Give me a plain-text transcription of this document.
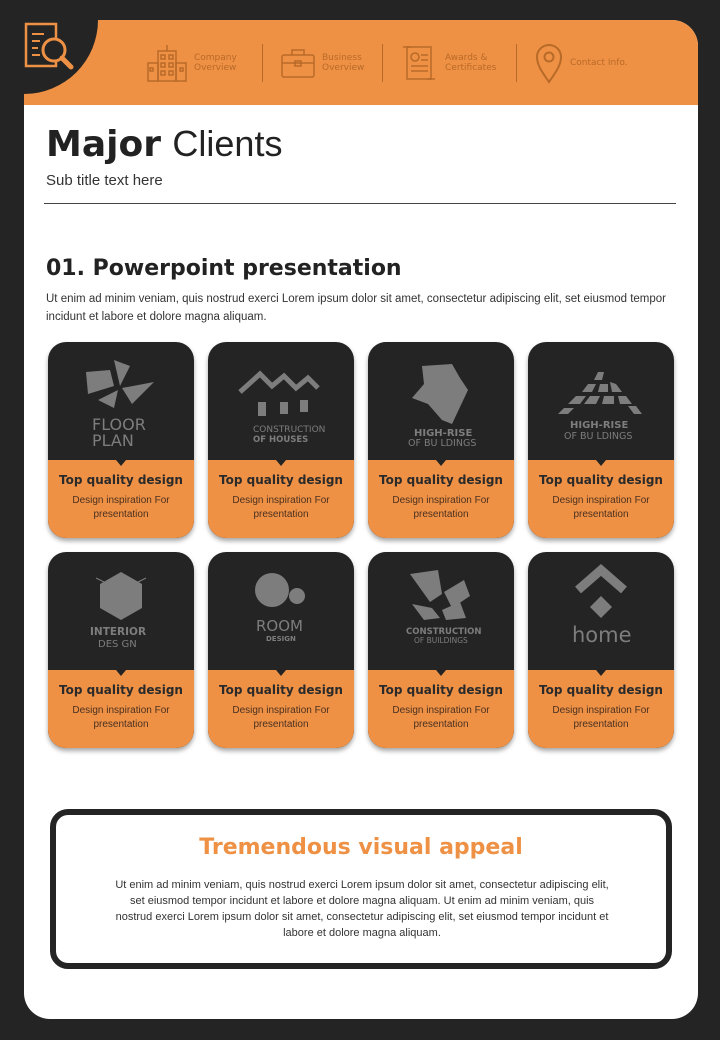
Company
Overview
Business
Overview
Awards &
Certificates	Contact Info.
Major Clients
Sub title text here
01. Powerpoint presentation
Ut enim ad minim veniam, quis nostrud exerci Lorem ipsum dolor sit amet, consectetur adipiscing elit, set eiusmod tempor incidunt et labore et dolore magna aliquam.
FLOOR
PLAN
Top quality design
Design inspiration For presentation
CONSTRUCTION
OF HOUSES
Top quality design
Design inspiration For presentation
HIGH-RISE
OF BU LDINGS
Top quality design
Design inspiration For presentation
HIGH-RISE
OF BU LDINGS
Top quality design
Design inspiration For presentation
INTERIOR
DES GN
Top quality design
Design inspiration For presentation
ROOM
DESIGN
Top quality design
Design inspiration For presentation
CONSTRUCTION
OF BUILDINGS
Top quality design
Design inspiration For presentation
home
Top quality design
Design inspiration For presentation
Tremendous visual appeal
Ut enim ad minim veniam, quis nostrud exerci Lorem ipsum dolor sit amet, consectetur adipiscing elit, set eiusmod tempor incidunt et labore et dolore magna aliquam. Ut enim ad minim veniam, quis nostrud exerci Lorem ipsum dolor sit amet, consectetur adipiscing elit, set eiusmod tempor incidunt et labore et dolore magna aliquam.
